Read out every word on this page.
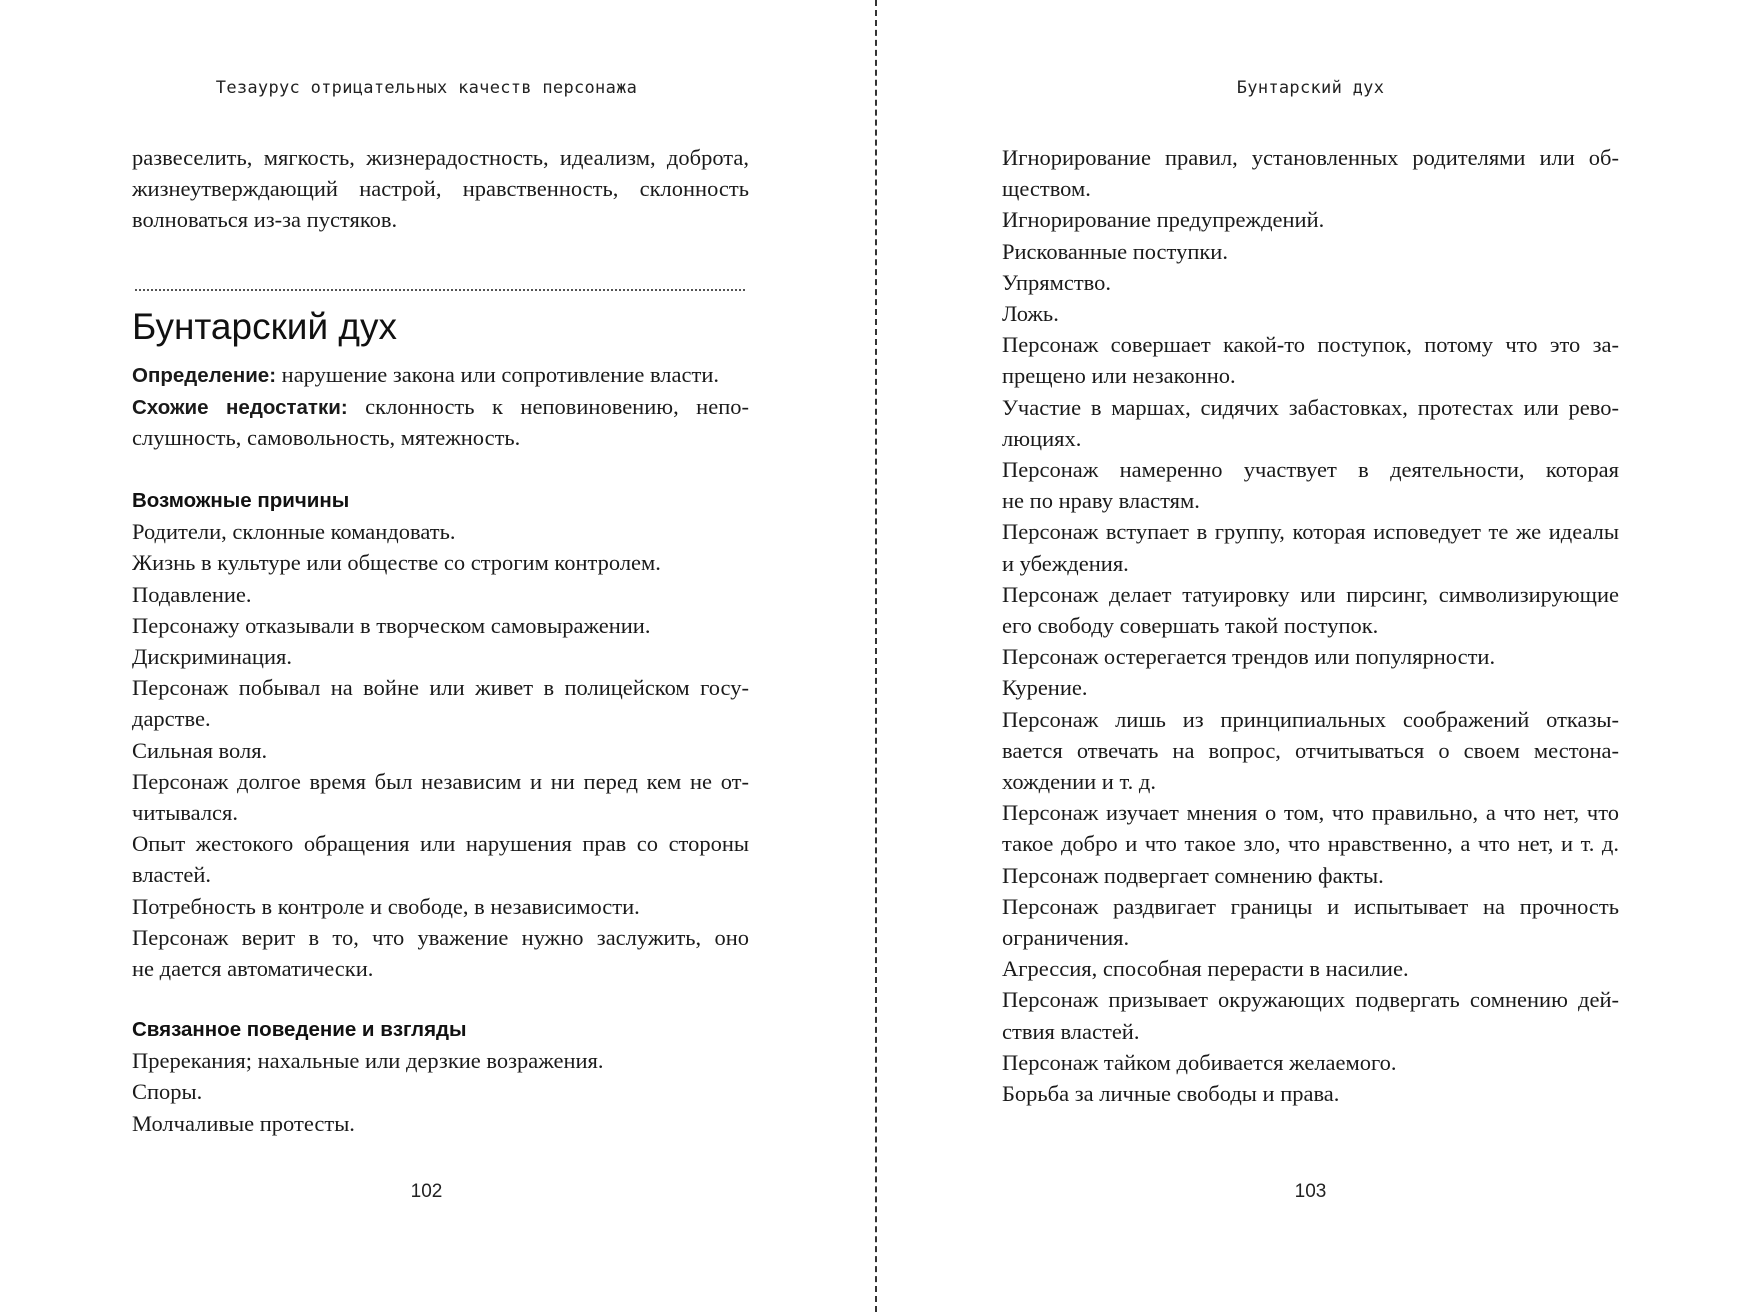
Тезаурус отрицательных качеств персонажа
развеселить, мягкость, жизнерадостность, идеализм, доброта,
жизнеутверждающий настрой, нравственность, склонность
волноваться из-за пустяков.
Бунтарский дух
Определение: нарушение закона или сопротивление власти.
Схожие недостатки: склонность к неповиновению, непо-
слушность, самовольность, мятежность.
Возможные причины
Родители, склонные командовать.
Жизнь в культуре или обществе со строгим контролем.
Подавление.
Персонажу отказывали в творческом самовыражении.
Дискриминация.
Персонаж побывал на войне или живет в полицейском госу-
дарстве.
Сильная воля.
Персонаж долгое время был независим и ни перед кем не от-
читывался.
Опыт жестокого обращения или нарушения прав со стороны
властей.
Потребность в контроле и свободе, в независимости.
Персонаж верит в то, что уважение нужно заслужить, оно
не дается автоматически.
Связанное поведение и взгляды
Пререкания; нахальные или дерзкие возражения.
Споры.
Молчаливые протесты.
102
Бунтарский дух
Игнорирование правил, установленных родителями или об-
ществом.
Игнорирование предупреждений.
Рискованные поступки.
Упрямство.
Ложь.
Персонаж совершает какой-то поступок, потому что это за-
прещено или незаконно.
Участие в маршах, сидячих забастовках, протестах или рево-
люциях.
Персонаж намеренно участвует в деятельности, которая
не по нраву властям.
Персонаж вступает в группу, которая исповедует те же идеалы
и убеждения.
Персонаж делает татуировку или пирсинг, символизирующие
его свободу совершать такой поступок.
Персонаж остерегается трендов или популярности.
Курение.
Персонаж лишь из принципиальных соображений отказы-
вается отвечать на вопрос, отчитываться о своем местона-
хождении и т. д.
Персонаж изучает мнения о том, что правильно, а что нет, что
такое добро и что такое зло, что нравственно, а что нет, и т. д.
Персонаж подвергает сомнению факты.
Персонаж раздвигает границы и испытывает на прочность
ограничения.
Агрессия, способная перерасти в насилие.
Персонаж призывает окружающих подвергать сомнению дей-
ствия властей.
Персонаж тайком добивается желаемого.
Борьба за личные свободы и права.
103
